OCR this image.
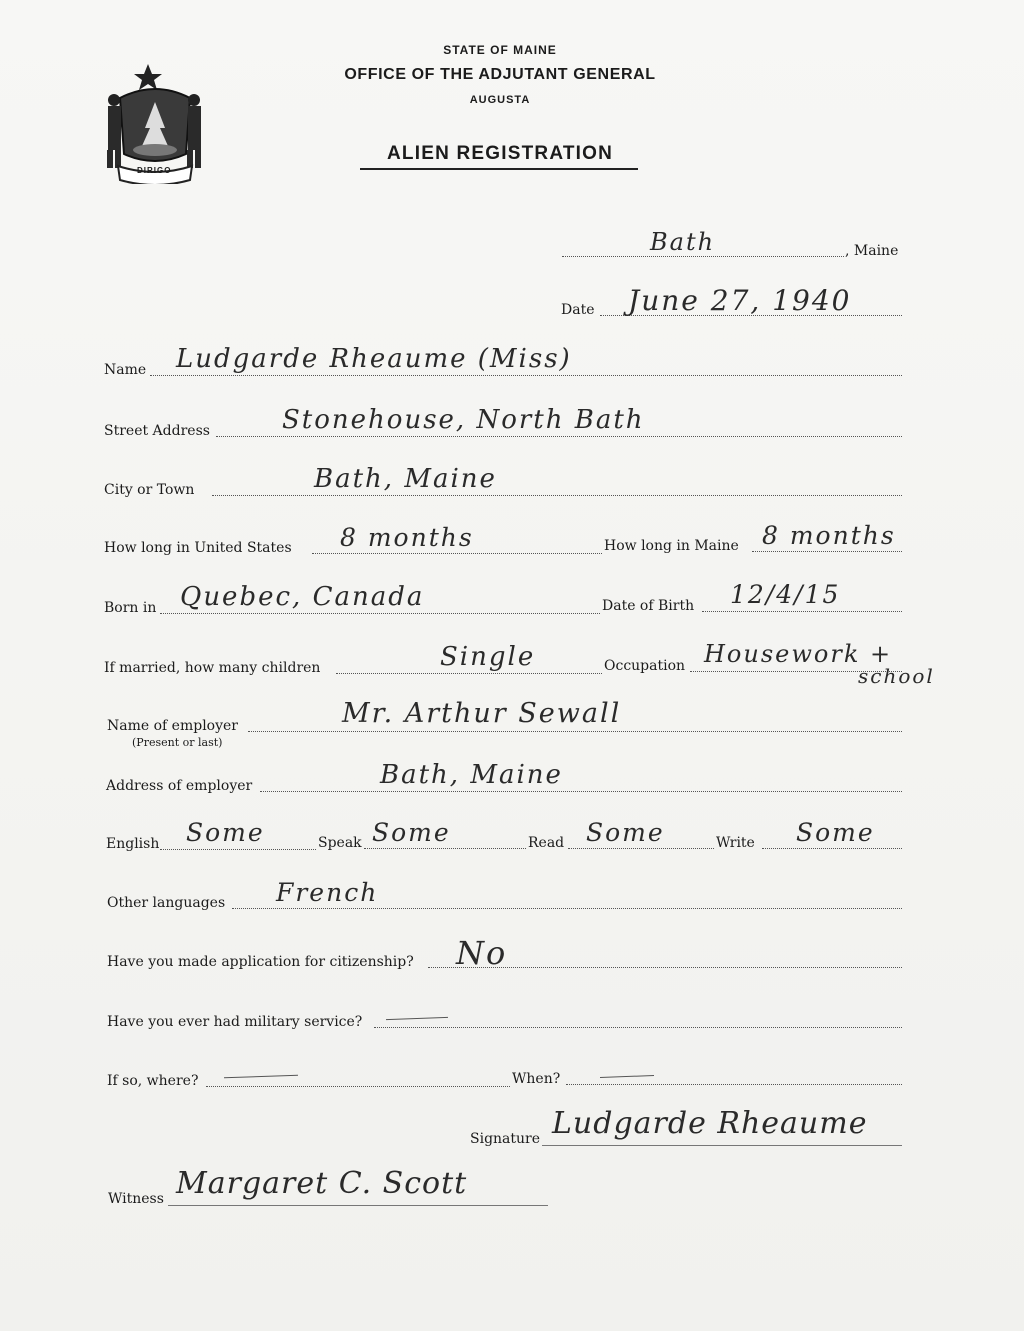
DIRIGO
STATE OF MAINE
OFFICE OF THE ADJUTANT GENERAL
AUGUSTA
ALIEN REGISTRATION
Bath	, Maine
Date June 27, 1940
Name Ludgarde Rheaume (Miss)
Street Address	Stonehouse, North Bath
City or Town	Bath, Maine
How long in United States 8 months	How long in Maine 8 months
Born in Quebec, Canada	Date of Birth 12/4/15
If married, how many children	Single	Occupation Housework +
school
Name of employer
(Present or last)
Mr. Arthur Sewall
Address of employer	Bath, Maine
English Some	Speak Some	Read Some	Write Some
Other languages French
Have you made application for citizenship? No
Have you ever had military service?
If so, where?	When?
Signature Ludgarde Rheaume
Witness Margaret C. Scott
